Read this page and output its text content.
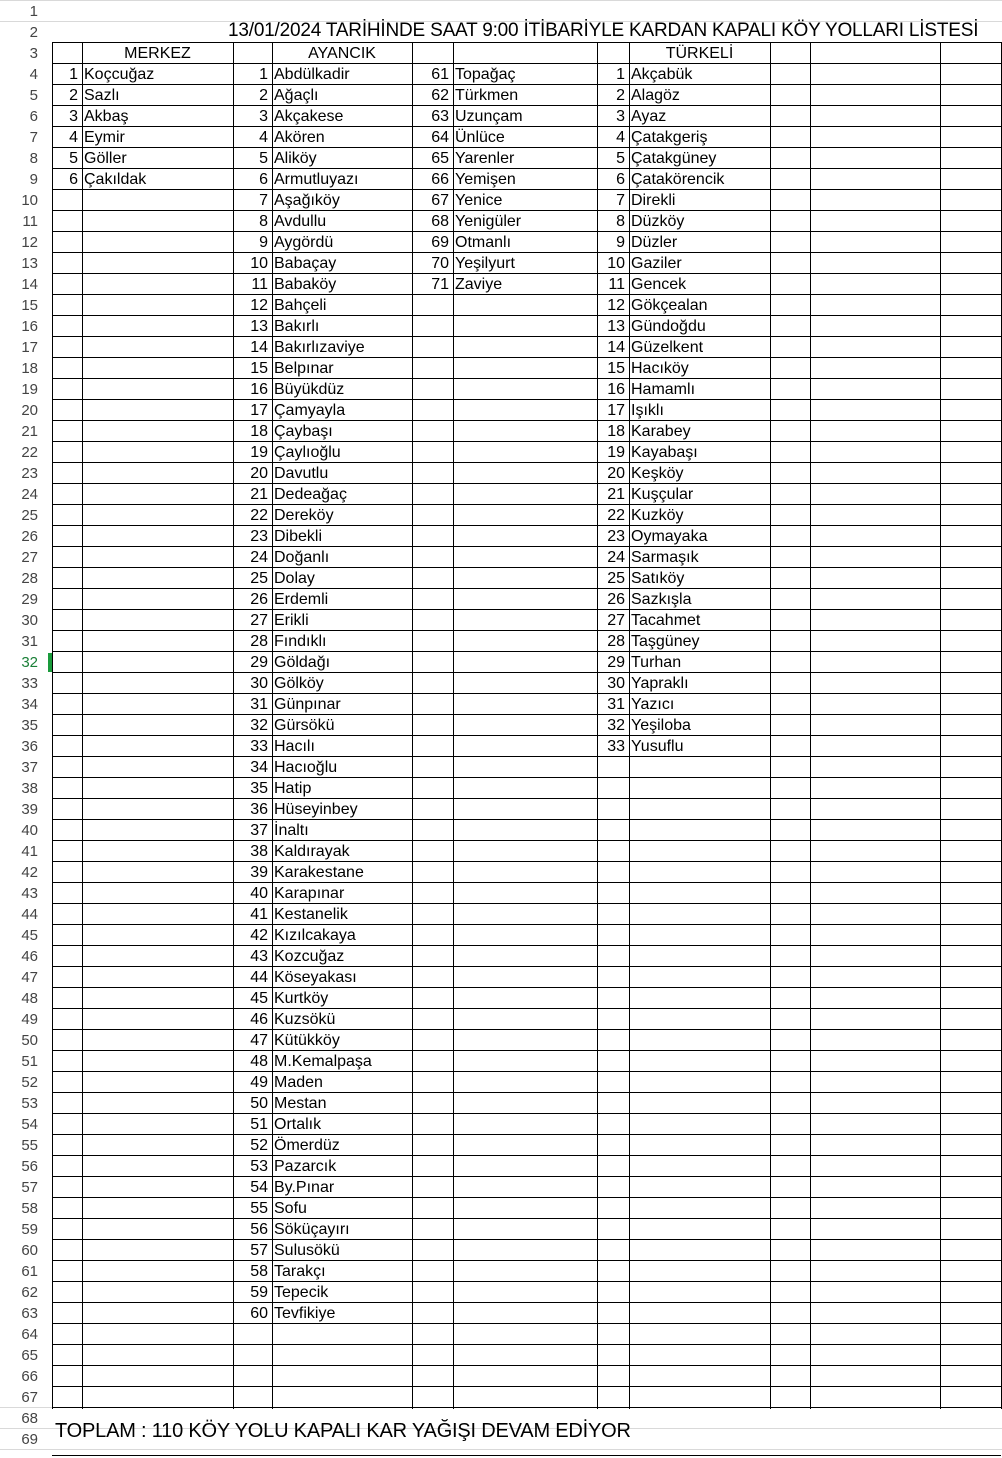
1
2
3
4
5
6
7
8
9
10
11
12
13
14
15
16
17
18
19
20
21
22
23
24
25
26
27
28
29
30
31
32
33
34
35
36
37
38
39
40
41
42
43
44
45
46
47
48
49
50
51
52
53
54
55
56
57
58
59
60
61
62
63
64
65
66
67
68
69
13/01/2024 TARİHİNDE SAAT 9:00 İTİBARİYLE KARDAN KAPALI KÖY YOLLARI LİSTESİ
MERKEZ	AYANCIK	TÜRKELİ
1 Koçcuğaz
2 Sazlı
3 Akbaş
4 Eymir
5 Göller
6 Çakıldak
1 Abdülkadir
2 Ağaçlı
3 Akçakese
4 Akören
5 Aliköy
6 Armutluyazı
7 Aşağıköy
8 Avdullu
9 Aygördü
10 Babaçay
11 Babaköy
12 Bahçeli
13 Bakırlı
14 Bakırlızaviye
15 Belpınar
16 Büyükdüz
17 Çamyayla
18 Çaybaşı
19 Çaylıoğlu
20 Davutlu
21 Dedeağaç
22 Dereköy
23 Dibekli
24 Doğanlı
25 Dolay
26 Erdemli
27 Erikli
28 Fındıklı
29 Göldağı
30 Gölköy
31 Günpınar
32 Gürsökü
33 Hacılı
34 Hacıoğlu
35 Hatip
36 Hüseyinbey
37 İnaltı
38 Kaldırayak
39 Karakestane
40 Karapınar
41 Kestanelik
42 Kızılcakaya
43 Kozcuğaz
44 Köseyakası
45 Kurtköy
46 Kuzsökü
47 Kütükköy
48 M.Kemalpaşa
49 Maden
50 Mestan
51 Ortalık
52 Ömerdüz
53 Pazarcık
54 By.Pınar
55 Sofu
56 Söküçayırı
57 Sulusökü
58 Tarakçı
59 Tepecik
60 Tevfikiye
61 Topağaç
62 Türkmen
63 Uzunçam
64 Ünlüce
65 Yarenler
66 Yemişen
67 Yenice
68 Yenigüler
69 Otmanlı
70 Yeşilyurt
71 Zaviye
1 Akçabük
2 Alagöz
3 Ayaz
4 Çatakgeriş
5 Çatakgüney
6 Çatakörencik
7 Direkli
8 Düzköy
9 Düzler
10 Gaziler
11 Gencek
12 Gökçealan
13 Gündoğdu
14 Güzelkent
15 Hacıköy
16 Hamamlı
17 Işıklı
18 Karabey
19 Kayabaşı
20 Keşköy
21 Kuşçular
22 Kuzköy
23 Oymayaka
24 Sarmaşık
25 Satıköy
26 Sazkışla
27 Tacahmet
28 Taşgüney
29 Turhan
30 Yapraklı
31 Yazıcı
32 Yeşiloba
33 Yusuflu
TOPLAM : 110 KÖY YOLU KAPALI KAR YAĞIŞI DEVAM EDİYOR
